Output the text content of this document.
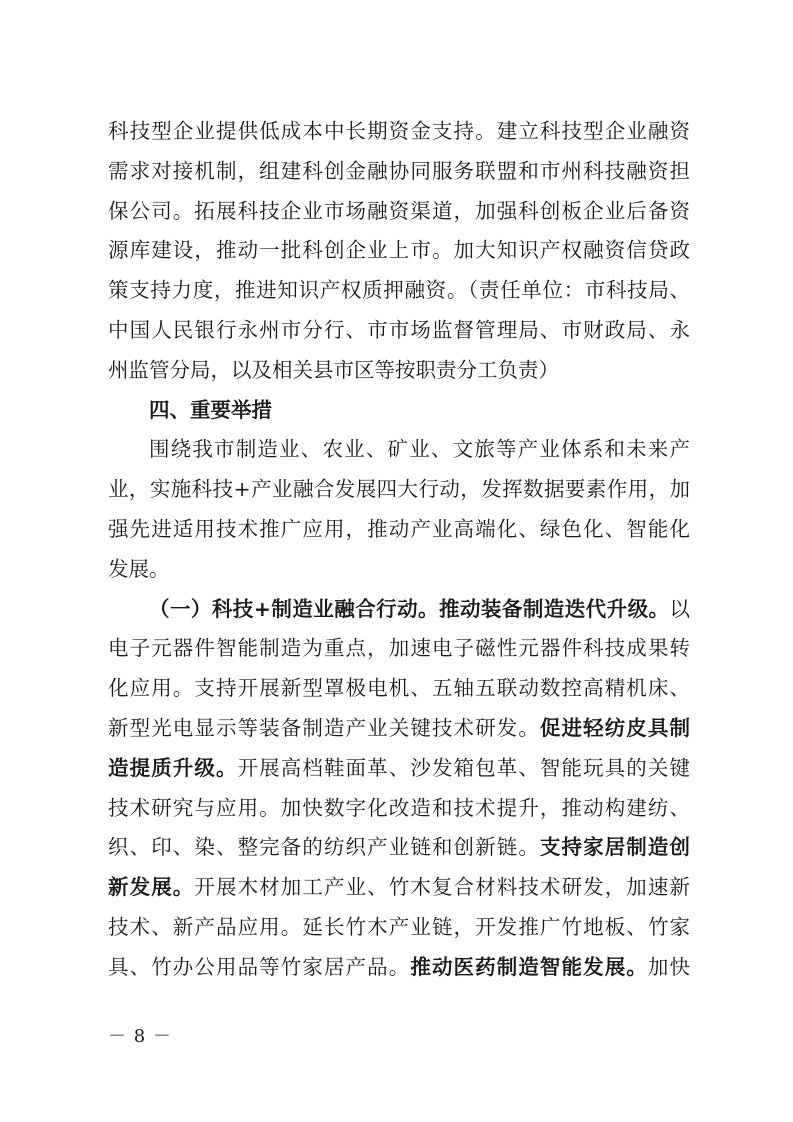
科技型企业提供低成本中长期资金支持。建立科技型企业融资
需求对接机制，组建科创金融协同服务联盟和市州科技融资担
保公司。拓展科技企业市场融资渠道，加强科创板企业后备资
源库建设，推动一批科创企业上市。加大知识产权融资信贷政
策支持力度，推进知识产权质押融资。（责任单位：市科技局、
中国人民银行永州市分行、市市场监督管理局、市财政局、永
州监管分局，以及相关县市区等按职责分工负责）
四、重要举措
围绕我市制造业、农业、矿业、文旅等产业体系和未来产
业，实施科技+产业融合发展四大行动，发挥数据要素作用，加
强先进适用技术推广应用，推动产业高端化、绿色化、智能化
发展。
（一）科技+制造业融合行动。推动装备制造迭代升级。以
电子元器件智能制造为重点，加速电子磁性元器件科技成果转
化应用。支持开展新型罩极电机、五轴五联动数控高精机床、
新型光电显示等装备制造产业关键技术研发。促进轻纺皮具制
造提质升级。开展高档鞋面革、沙发箱包革、智能玩具的关键
技术研究与应用。加快数字化改造和技术提升，推动构建纺、
织、印、染、整完备的纺织产业链和创新链。支持家居制造创
新发展。开展木材加工产业、竹木复合材料技术研发，加速新
技术、新产品应用。延长竹木产业链，开发推广竹地板、竹家
具、竹办公用品等竹家居产品。推动医药制造智能发展。加快
－ 8 －
